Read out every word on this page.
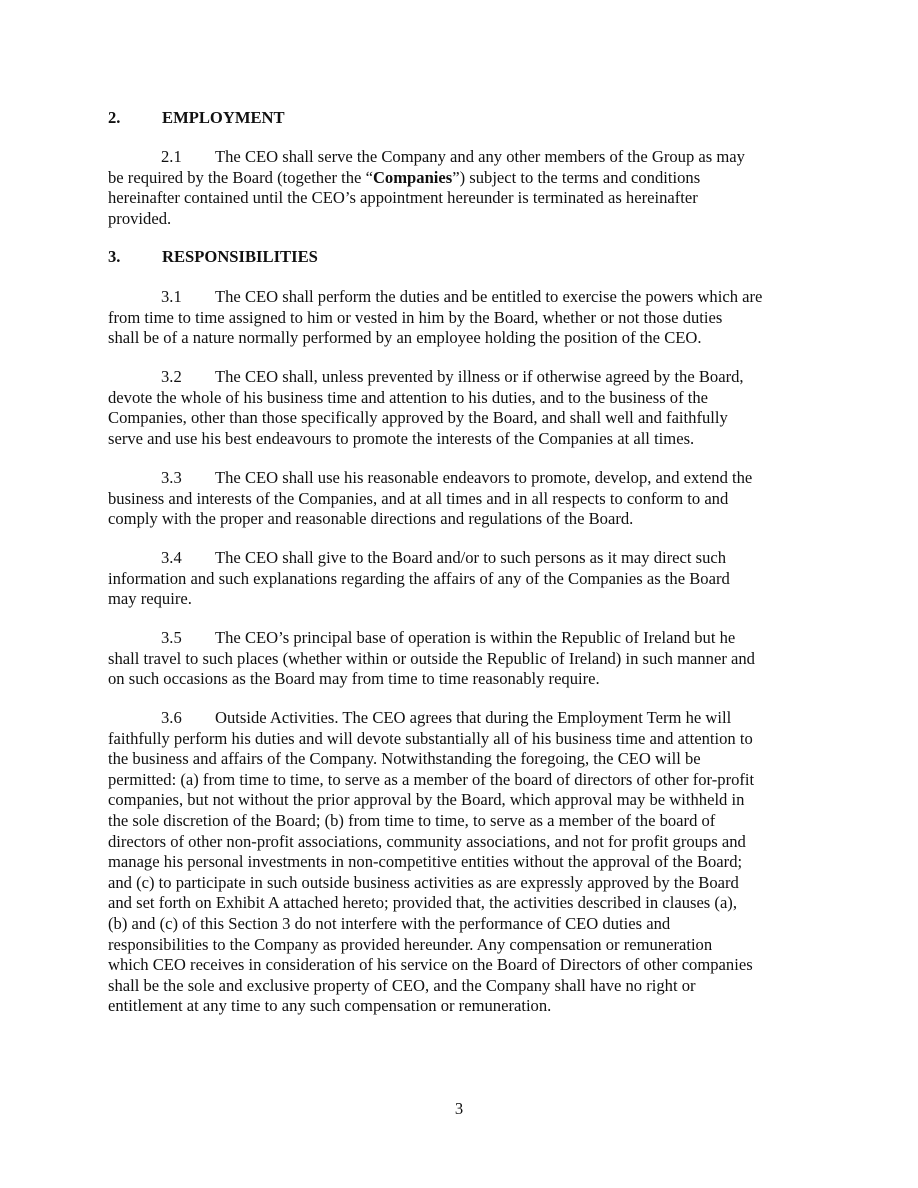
2.	EMPLOYMENT
2.1 The CEO shall serve the Company and any other members of the Group as may
be required by the Board (together the “Companies”) subject to the terms and conditions
hereinafter contained until the CEO’s appointment hereunder is terminated as hereinafter
provided.
3.	RESPONSIBILITIES
3.1 The CEO shall perform the duties and be entitled to exercise the powers which are
from time to time assigned to him or vested in him by the Board, whether or not those duties
shall be of a nature normally performed by an employee holding the position of the CEO.
3.2 The CEO shall, unless prevented by illness or if otherwise agreed by the Board,
devote the whole of his business time and attention to his duties, and to the business of the
Companies, other than those specifically approved by the Board, and shall well and faithfully
serve and use his best endeavours to promote the interests of the Companies at all times.
3.3 The CEO shall use his reasonable endeavors to promote, develop, and extend the
business and interests of the Companies, and at all times and in all respects to conform to and
comply with the proper and reasonable directions and regulations of the Board.
3.4 The CEO shall give to the Board and/or to such persons as it may direct such
information and such explanations regarding the affairs of any of the Companies as the Board
may require.
3.5 The CEO’s principal base of operation is within the Republic of Ireland but he
shall travel to such places (whether within or outside the Republic of Ireland) in such manner and
on such occasions as the Board may from time to time reasonably require.
3.6 Outside Activities. The CEO agrees that during the Employment Term he will
faithfully perform his duties and will devote substantially all of his business time and attention to
the business and affairs of the Company. Notwithstanding the foregoing, the CEO will be
permitted: (a) from time to time, to serve as a member of the board of directors of other for-profit
companies, but not without the prior approval by the Board, which approval may be withheld in
the sole discretion of the Board; (b) from time to time, to serve as a member of the board of
directors of other non-profit associations, community associations, and not for profit groups and
manage his personal investments in non-competitive entities without the approval of the Board;
and (c) to participate in such outside business activities as are expressly approved by the Board
and set forth on Exhibit A attached hereto; provided that, the activities described in clauses (a),
(b) and (c) of this Section 3 do not interfere with the performance of CEO duties and
responsibilities to the Company as provided hereunder. Any compensation or remuneration
which CEO receives in consideration of his service on the Board of Directors of other companies
shall be the sole and exclusive property of CEO, and the Company shall have no right or
entitlement at any time to any such compensation or remuneration.
3
